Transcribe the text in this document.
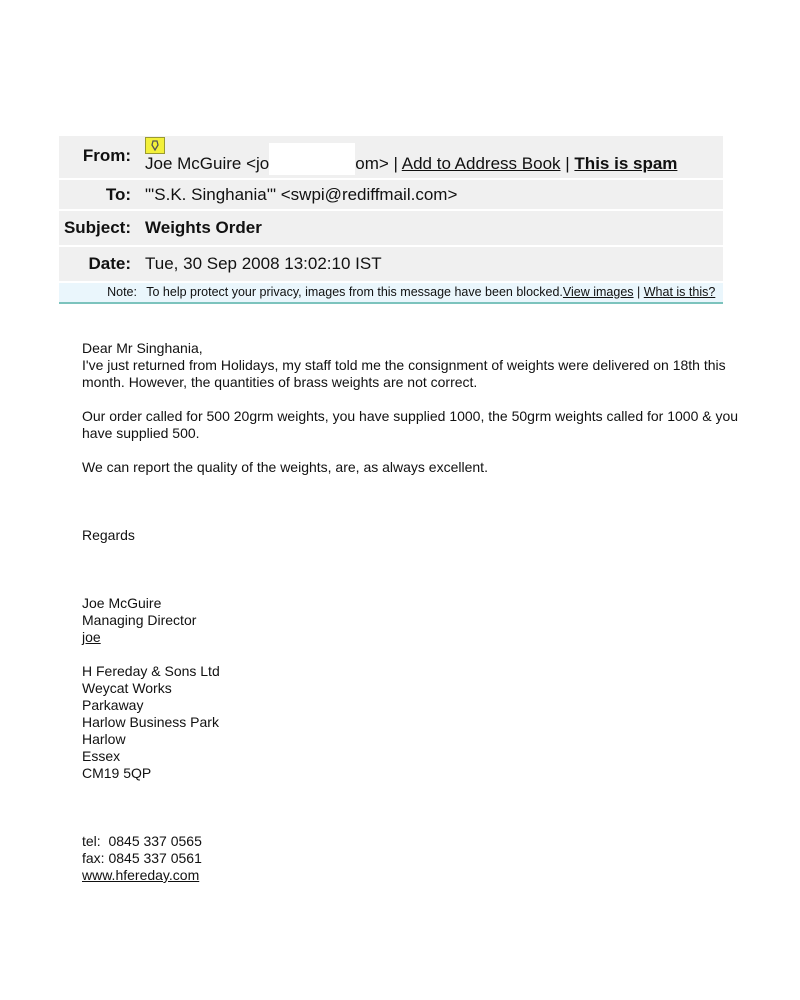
From: Joe McGuire <jo	om> | Add to Address Book | This is spam
To: "'S.K. Singhania'" <swpi@rediffmail.com>
Subject: Weights Order
Date: Tue, 30 Sep 2008 13:02:10 IST
Note: To help protect your privacy, images from this message have been blocked.View images | What is this?

Dear Mr Singhania,

I've just returned from Holidays, my staff told me the consignment of weights were delivered on 18th this month. However, the quantities of brass weights are not correct.

Our order called for 500 20grm weights, you have supplied 1000, the 50grm weights called for 1000 & you have supplied 500.

We can report the quality of the weights, are, as always excellent.

Regards

Joe McGuire

Managing Director

joe

H Fereday & Sons Ltd

Weycat Works

Parkaway

Harlow Business Park

Harlow

Essex

CM19 5QP

tel:  0845 337 0565

fax: 0845 337 0561

www.hfereday.com
